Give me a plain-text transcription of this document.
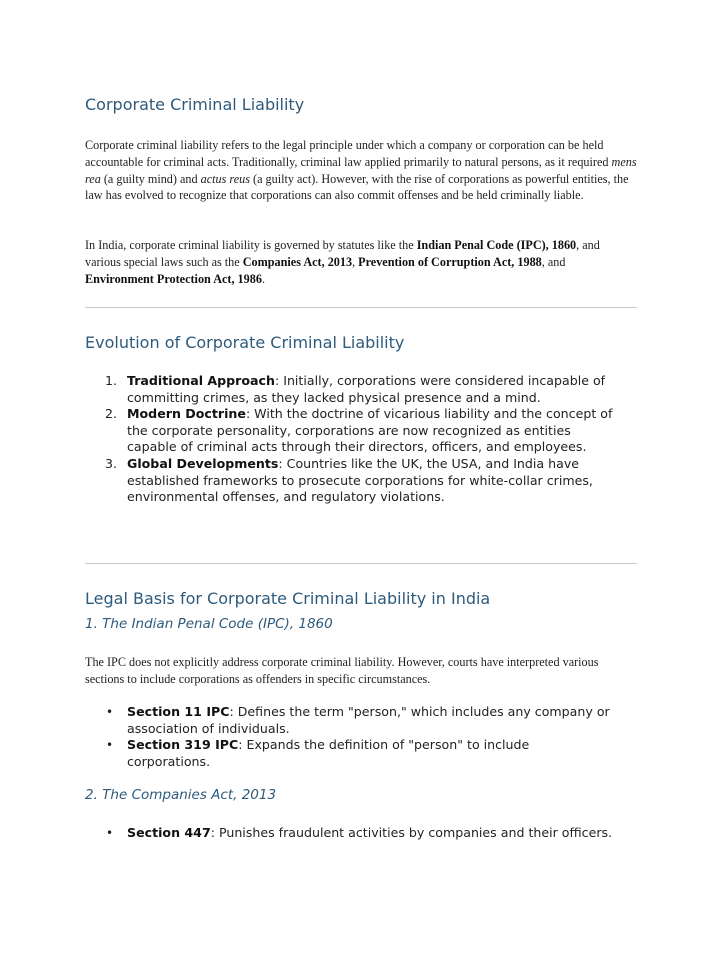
Corporate Criminal Liability

Corporate criminal liability refers to the legal principle under which a company or corporation can be held accountable for criminal acts. Traditionally, criminal law applied primarily to natural persons, as it required mens rea (a guilty mind) and actus reus (a guilty act). However, with the rise of corporations as powerful entities, the law has evolved to recognize that corporations can also commit offenses and be held criminally liable.

In India, corporate criminal liability is governed by statutes like the Indian Penal Code (IPC), 1860, and various special laws such as the Companies Act, 2013, Prevention of Corruption Act, 1988, and Environment Protection Act, 1986.

Evolution of Corporate Criminal Liability
1. Traditional Approach: Initially, corporations were considered incapable of committing crimes, as they lacked physical presence and a mind.
2. Modern Doctrine: With the doctrine of vicarious liability and the concept of the corporate personality, corporations are now recognized as entities capable of criminal acts through their directors, officers, and employees.
3. Global Developments: Countries like the UK, the USA, and India have established frameworks to prosecute corporations for white-collar crimes, environmental offenses, and regulatory violations.
Legal Basis for Corporate Criminal Liability in India
1. The Indian Penal Code (IPC), 1860

The IPC does not explicitly address corporate criminal liability. However, courts have interpreted various sections to include corporations as offenders in specific circumstances.

• Section 11 IPC: Defines the term "person," which includes any company or association of individuals.
• Section 319 IPC: Expands the definition of "person" to include corporations.
2. The Companies Act, 2013
• Section 447: Punishes fraudulent activities by companies and their officers.
